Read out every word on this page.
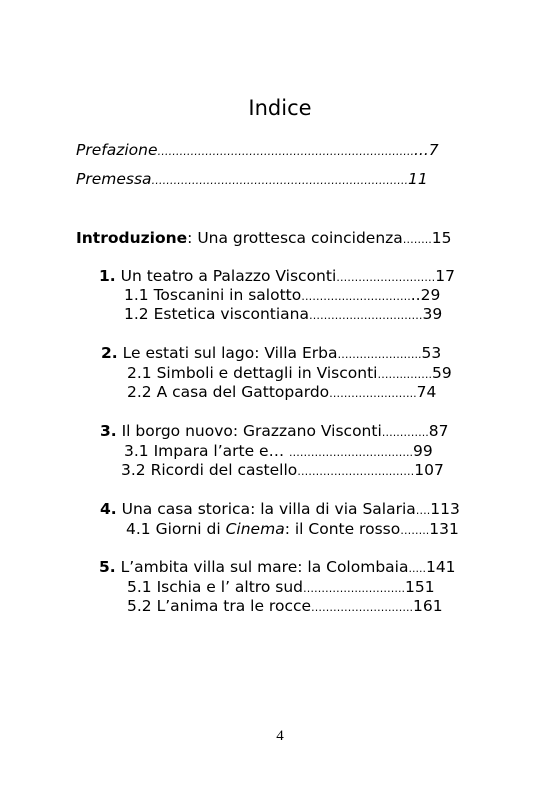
Indice
Prefazione……………………………………………………………....7
Premessa…………………………………………………………….11
Introduzione: Una grottesca coincidenza……..15
1. Un teatro a Palazzo Visconti………………………17
1.1 Toscanini in salotto…………..……………...29
1.2 Estetica viscontiana………….………………39
2. Le estati sul lago: Villa Erba…………………..53
2.1 Simboli e dettagli in Visconti……..…….59
2.2 A casa del Gattopardo…………….……..74
3. Il borgo nuovo: Grazzano Visconti…..……..87
3.1 Impara l’arte e… .……………………….…..99
3.2 Ricordi del castello……………………..……107
4. Una casa storica: la villa di via Salaria….113
4.1 Giorni di Cinema: il Conte rosso……..131
5. L’ambita villa sul mare: la Colombaia.....141
5.1 Ischia e l’ altro sud……………..………..151
5.2 L’anima tra le rocce…………………..…..161
4
